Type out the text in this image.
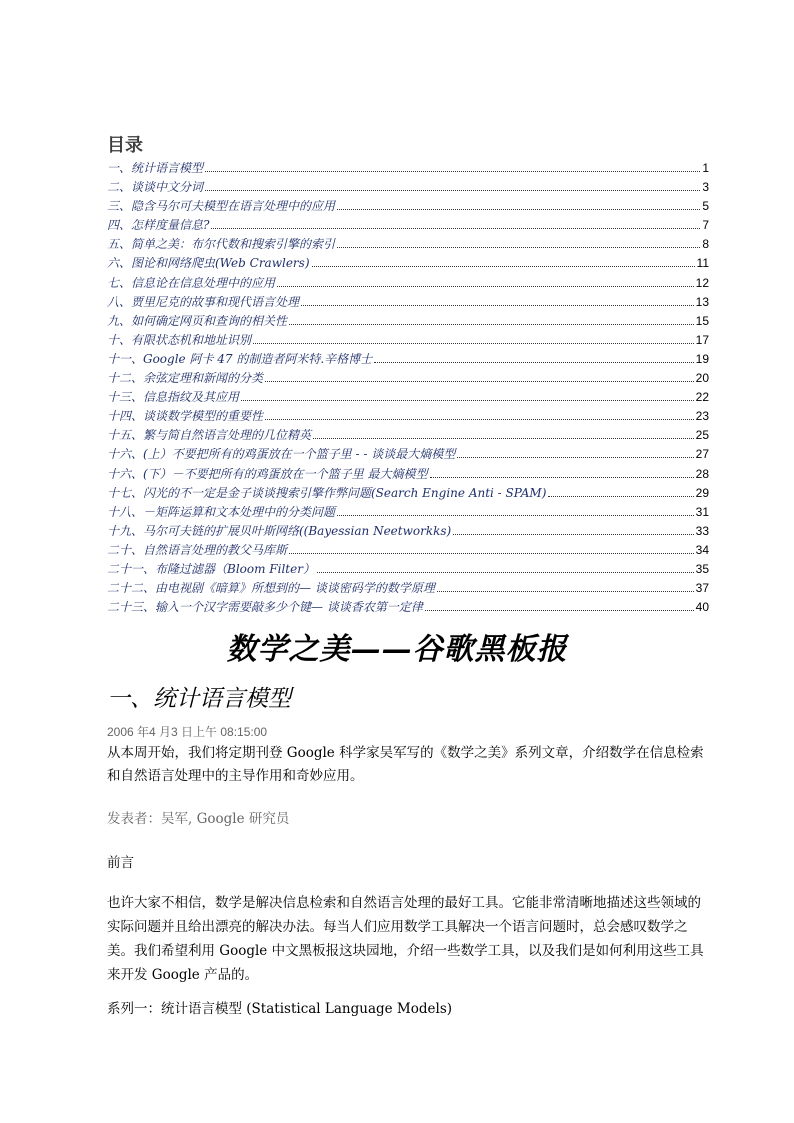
目录
一、统计语言模型	1
二、谈谈中文分词	3
三、隐含马尔可夫模型在语言处理中的应用	5
四、怎样度量信息?	7
五、简单之美：布尔代数和搜索引擎的索引	8
六、图论和网络爬虫(Web Crawlers)	11
七、信息论在信息处理中的应用	12
八、贾里尼克的故事和现代语言处理	13
九、如何确定网页和查询的相关性	15
十、有限状态机和地址识别	17
十一、Google 阿卡 47 的制造者阿米特.辛格博士	19
十二、余弦定理和新闻的分类	20
十三、信息指纹及其应用	22
十四、谈谈数学模型的重要性	23
十五、繁与简自然语言处理的几位精英	25
十六、(上）不要把所有的鸡蛋放在一个篮子里 - - 谈谈最大熵模型	27
十六、(下）－不要把所有的鸡蛋放在一个篮子里 最大熵模型	28
十七、闪光的不一定是金子谈谈搜索引擎作弊问题(Search Engine Anti - SPAM)	29
十八、－矩阵运算和文本处理中的分类问题	31
十九、马尔可夫链的扩展贝叶斯网络((Bayessian Neetworkks)	33
二十、自然语言处理的教父马库斯	34
二十一、布隆过滤器（Bloom Filter）	35
二十二、由电视剧《暗算》所想到的— 谈谈密码学的数学原理	37
二十三、输入一个汉字需要敲多少个键— 谈谈香农第一定律	40
数学之美——谷歌黑板报
一、统计语言模型
2006 年4 月3 日上午 08:15:00
从本周开始，我们将定期刊登 Google 科学家吴军写的《数学之美》系列文章，介绍数学在信息检索和自然语言处理中的主导作用和奇妙应用。
发表者：吴军, Google 研究员
前言
也许大家不相信，数学是解决信息检索和自然语言处理的最好工具。它能非常清晰地描述这些领域的实际问题并且给出漂亮的解决办法。每当人们应用数学工具解决一个语言问题时，总会感叹数学之美。我们希望利用 Google 中文黑板报这块园地，介绍一些数学工具，以及我们是如何利用这些工具来开发 Google 产品的。
系列一：统计语言模型 (Statistical Language Models)
